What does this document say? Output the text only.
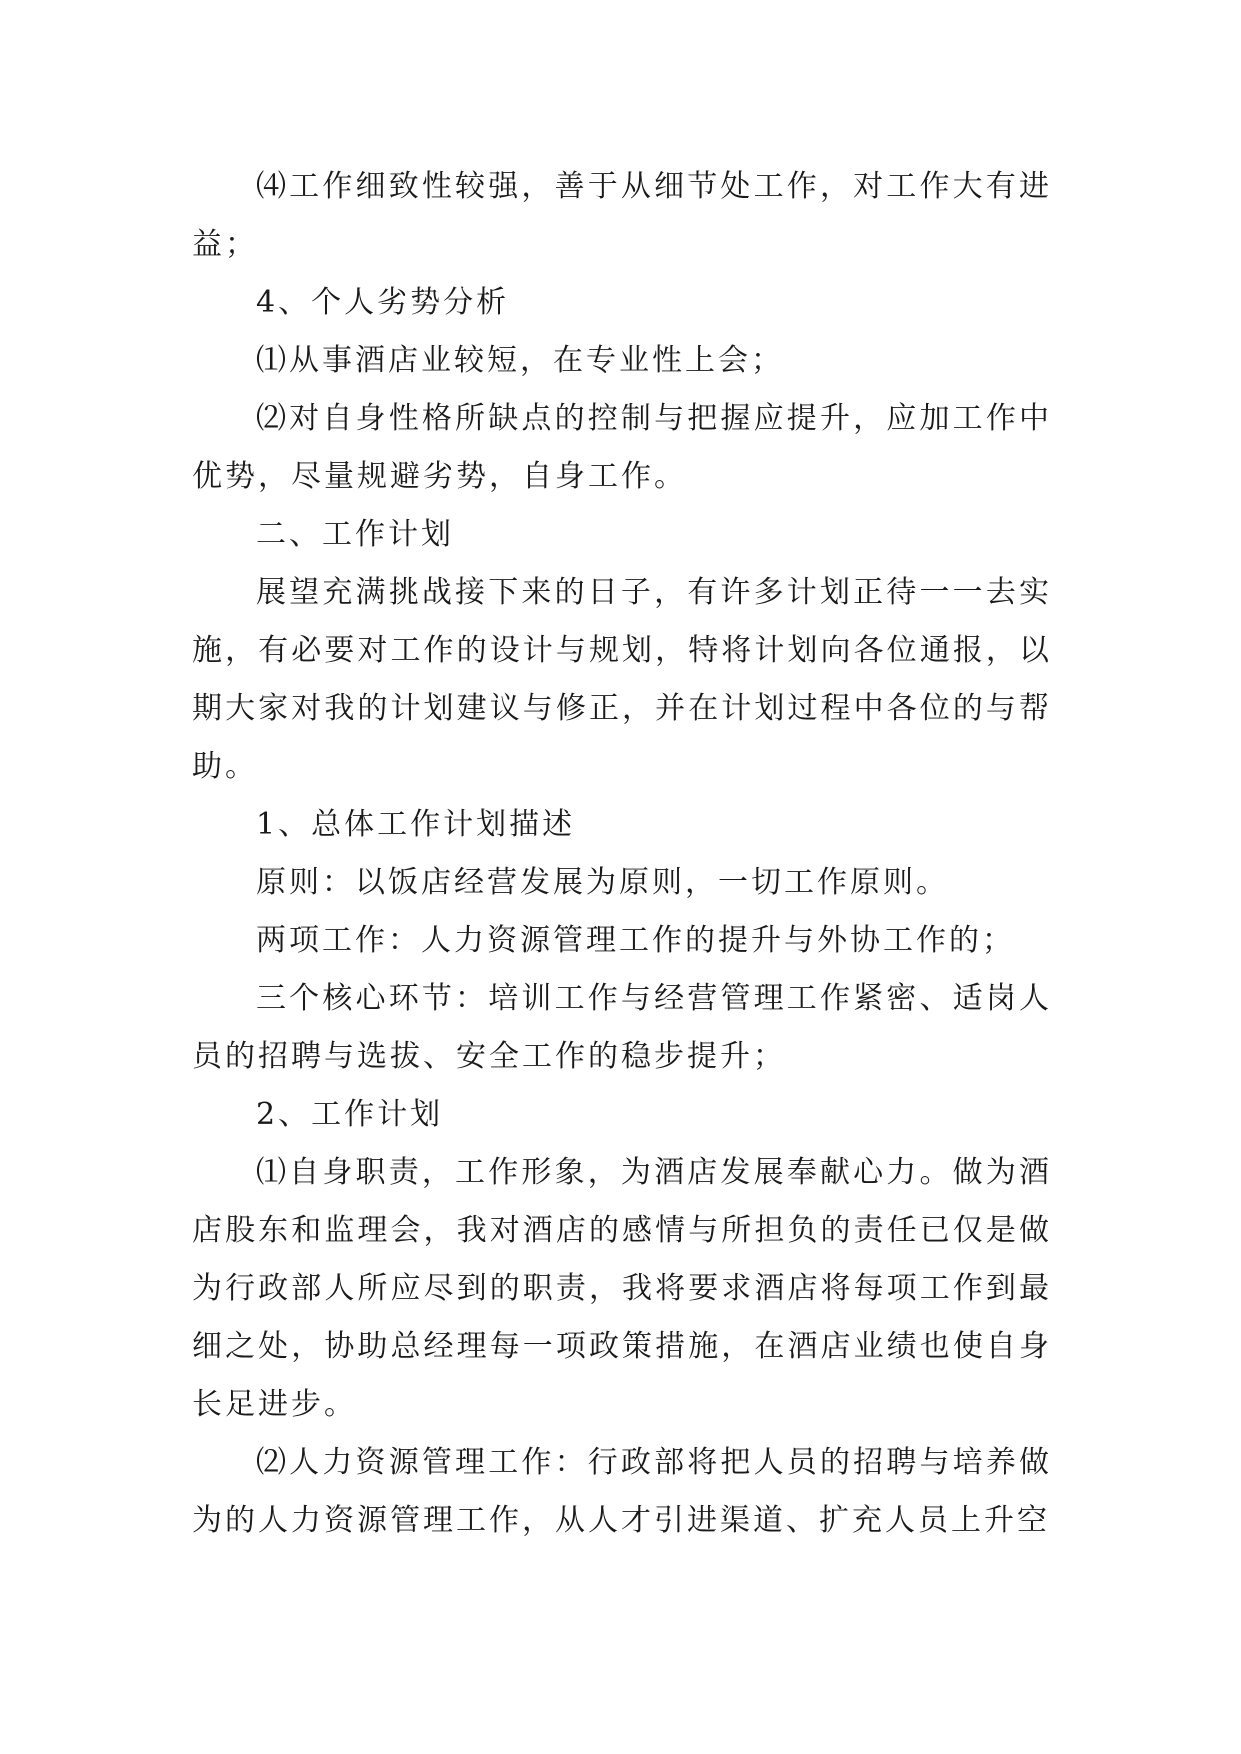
⑷工作细致性较强，善于从细节处工作，对工作大有进益；

4、个人劣势分析

⑴从事酒店业较短，在专业性上会；

⑵对自身性格所缺点的控制与把握应提升，应加工作中优势，尽量规避劣势，自身工作。

二、工作计划

展望充满挑战接下来的日子，有许多计划正待一一去实施，有必要对工作的设计与规划，特将计划向各位通报，以期大家对我的计划建议与修正，并在计划过程中各位的与帮助。

1、总体工作计划描述

原则：以饭店经营发展为原则，一切工作原则。

两项工作：人力资源管理工作的提升与外协工作的；

三个核心环节：培训工作与经营管理工作紧密、适岗人员的招聘与选拔、安全工作的稳步提升；

2、工作计划

⑴自身职责，工作形象，为酒店发展奉献心力。做为酒店股东和监理会，我对酒店的感情与所担负的责任已仅是做为行政部人所应尽到的职责，我将要求酒店将每项工作到最细之处，协助总经理每一项政策措施，在酒店业绩也使自身长足进步。

⑵人力资源管理工作：行政部将把人员的招聘与培养做为的人力资源管理工作，从人才引进渠道、扩充人员上升空
